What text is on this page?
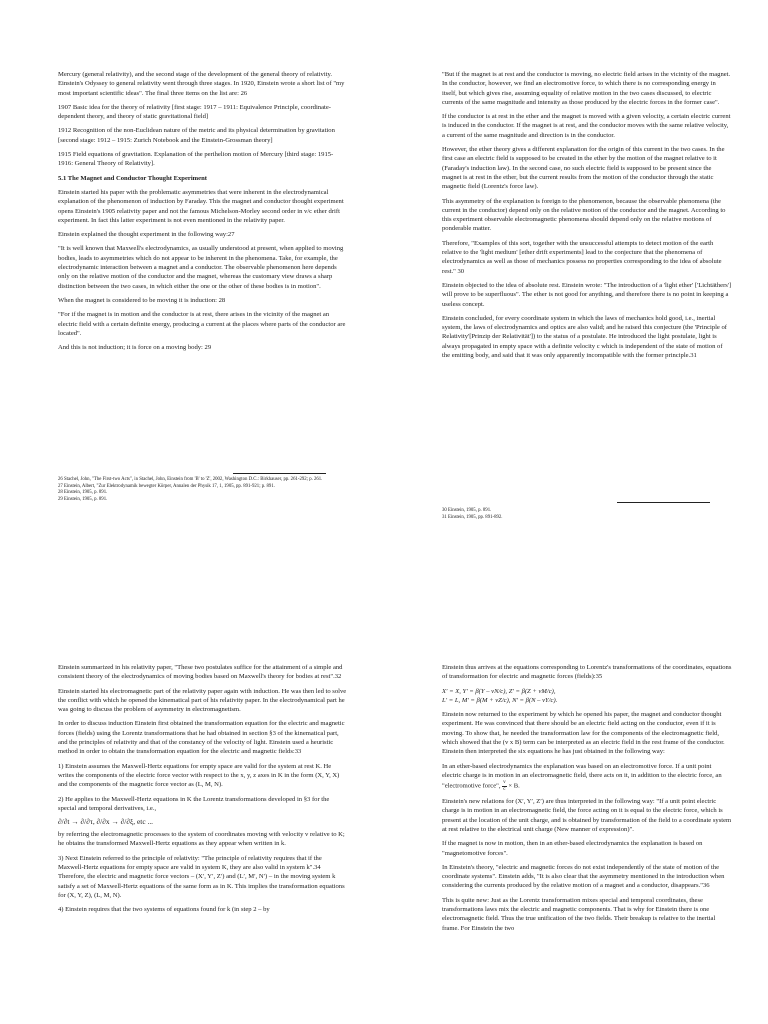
Mercury (general relativity), and the second stage of the development of the general theory of relativity. Einstein's Odyssey to general relativity went through three stages. In 1920, Einstein wrote a short list of "my most important scientific ideas". The final three items on the list are: 26

1907 Basic idea for the theory of relativity [first stage: 1917 – 1911: Equivalence Principle, coordinate-dependent theory, and theory of static gravitational field]

1912 Recognition of the non-Euclidean nature of the metric and its physical determination by gravitation [second stage: 1912 – 1915: Zurich Notebook and the Einstein-Grossman theory]

1915 Field equations of gravitation. Explanation of the perihelion motion of Mercury [third stage: 1915-1916: General Theory of Relativity].

5.1 The Magnet and Conductor Thought Experiment

Einstein started his paper with the problematic asymmetries that were inherent in the electrodynamical explanation of the phenomenon of induction by Faraday. This the magnet and conductor thought experiment opens Einstein's 1905 relativity paper and not the famous Michelson-Morley second order in v/c ether drift experiment. In fact this latter experiment is not even mentioned in the relativity paper.

Einstein explained the thought experiment in the following way:27

"It is well known that Maxwell's electrodynamics, as usually understood at present, when applied to moving bodies, leads to asymmetries which do not appear to be inherent in the phenomena. Take, for example, the electrodynamic interaction between a magnet and a conductor. The observable phenomenon here depends only on the relative motion of the conductor and the magnet, whereas the customary view draws a sharp distinction between the two cases, in which either the one or the other of these bodies is in motion".

When the magnet is considered to be moving it is induction: 28

"For if the magnet is in motion and the conductor is at rest, there arises in the vicinity of the magnet an electric field with a certain definite energy, producing a current at the places where parts of the conductor are located".

And this is not induction; it is force on a moving body: 29

26 Stachel, John, "The First-two Acts", in Stachel, John, Einstein from 'B' to 'Z', 2002, Washington D.C.: Birkhauser, pp. 261-292; p. 261.

27 Einstein, Albert, "Zur Elektrodynamik bewegter Körper, Annalen der Physik 17, 1, 1905, pp. 891-921; p. 891.

28 Einstein, 1905, p. 891.

29 Einstein, 1905, p. 891.

"But if the magnet is at rest and the conductor is moving, no electric field arises in the vicinity of the magnet. In the conductor, however, we find an electromotive force, to which there is no corresponding energy in itself, but which gives rise, assuming equality of relative motion in the two cases discussed, to electric currents of the same magnitude and intensity as those produced by the electric forces in the former case".

If the conductor is at rest in the ether and the magnet is moved with a given velocity, a certain electric current is induced in the conductor. If the magnet is at rest, and the conductor moves with the same relative velocity, a current of the same magnitude and direction is in the conductor.

However, the ether theory gives a different explanation for the origin of this current in the two cases. In the first case an electric field is supposed to be created in the ether by the motion of the magnet relative to it (Faraday's induction law). In the second case, no such electric field is supposed to be present since the magnet is at rest in the ether, but the current results from the motion of the conductor through the static magnetic field (Lorentz's force law).

This asymmetry of the explanation is foreign to the phenomenon, because the observable phenomena (the current in the conductor) depend only on the relative motion of the conductor and the magnet. According to this experiment observable electromagnetic phenomena should depend only on the relative motions of ponderable matter.

Therefore, "Examples of this sort, together with the unsuccessful attempts to detect motion of the earth relative to the 'light medium' [ether drift experiments] lead to the conjecture that the phenomena of electrodynamics as well as those of mechanics possess no properties corresponding to the idea of absolute rest." 30

Einstein objected to the idea of absolute rest. Einstein wrote: "The introduction of a 'light ether' ['Lichtäthers'] will prove to be superfluous". The ether is not good for anything, and therefore there is no point in keeping a useless concept.

Einstein concluded, for every coordinate system in which the laws of mechanics hold good, i.e., inertial system, the laws of electrodynamics and optics are also valid; and he raised this conjecture (the 'Principle of Relativity'[Prinzip der Relativität']) to the status of a postulate. He introduced the light postulate, light is always propagated in empty space with a definite velocity c which is independent of the state of motion of the emitting body, and said that it was only apparently incompatible with the former principle.31

30 Einstein, 1905, p. 891.

31 Einstein, 1905, pp. 891-892.

Einstein summarized in his relativity paper, "These two postulates suffice for the attainment of a simple and consistent theory of the electrodynamics of moving bodies based on Maxwell's theory for bodies at rest".32

Einstein started his electromagnetic part of the relativity paper again with induction. He was then led to solve the conflict with which he opened the kinematical part of his relativity paper. In the electrodynamical part he was going to discuss the problem of asymmetry in electromagnetism.

In order to discuss induction Einstein first obtained the transformation equation for the electric and magnetic forces (fields) using the Lorentz transformations that he had obtained in section §3 of the kinematical part, and the principles of relativity and that of the constancy of the velocity of light. Einstein used a heuristic method in order to obtain the transformation equation for the electric and magnetic fields:33

1) Einstein assumes the Maxwell-Hertz equations for empty space are valid for the system at rest K. He writes the components of the electric force vector with respect to the x, y, z axes in K in the form (X, Y, X) and the components of the magnetic force vector as (L, M, N).

2) He applies to the Maxwell-Hertz equations in K the Lorentz transformations developed in §3 for the special and temporal derivatives, i.e.,

∂/∂t → ∂/∂τ, ∂/∂x → ∂/∂ξ, etc ...

by referring the electromagnetic processes to the system of coordinates moving with velocity v relative to K; he obtains the transformed Maxwell-Hertz equations as they appear when written in k.

3) Next Einstein referred to the principle of relativity: "The principle of relativity requires that if the Maxwell-Hertz equations for empty space are valid in system K, they are also valid in system k".34 Therefore, the electric and magnetic force vectors – (X′, Y′, Z′) and (L′, M′, N′) – in the moving system k satisfy a set of Maxwell-Hertz equations of the same form as in K. This implies the transformation equations for (X, Y, Z), (L, M, N).

4) Einstein requires that the two systems of equations found for k (in step 2 – by

Einstein thus arrives at the equations corresponding to Lorentz's transformations of the coordinates, equations of transformation for electric and magnetic forces (fields):35

X′ = X, Y′ = β(Y – vN/c), Z′ = β(Z + vM/c),

L′ = L, M′ = β(M + vZ/c), N′ = β(N – vY/c).

Einstein now returned to the experiment by which he opened his paper, the magnet and conductor thought experiment. He was convinced that there should be an electric field acting on the conductor, even if it is moving. To show that, he needed the transformation law for the components of the electromagnetic field, which showed that the (v x B) term can be interpreted as an electric field in the rest frame of the conductor. Einstein then interpreted the six equations he has just obtained in the following way:

In an ether-based electrodynamics the explanation was based on an electromotive force. If a unit point electric charge is in motion in an electromagnetic field, there acts on it, in addition to the electric force, an "electromotive force", $\frac{v}{c} \times B$.

Einstein's new relations for (X′, Y′, Z′) are thus interpreted in the following way: "If a unit point electric charge is in motion in an electromagnetic field, the force acting on it is equal to the electric force, which is present at the location of the unit charge, and is obtained by transformation of the field to a coordinate system at rest relative to the electrical unit charge (New manner of expression)".

If the magnet is now in motion, then in an ether-based electrodynamics the explanation is based on "magnetomotive forces".

In Einstein's theory, "electric and magnetic forces do not exist independently of the state of motion of the coordinate systems". Einstein adds, "It is also clear that the asymmetry mentioned in the introduction when considering the currents produced by the relative motion of a magnet and a conductor, disappears."36

This is quite new: Just as the Lorentz transformation mixes special and temporal coordinates, these transformations laws mix the electric and magnetic components. That is why for Einstein there is one electromagnetic field. Thus the true unification of the two fields. Their breakup is relative to the inertial frame. For Einstein the two
